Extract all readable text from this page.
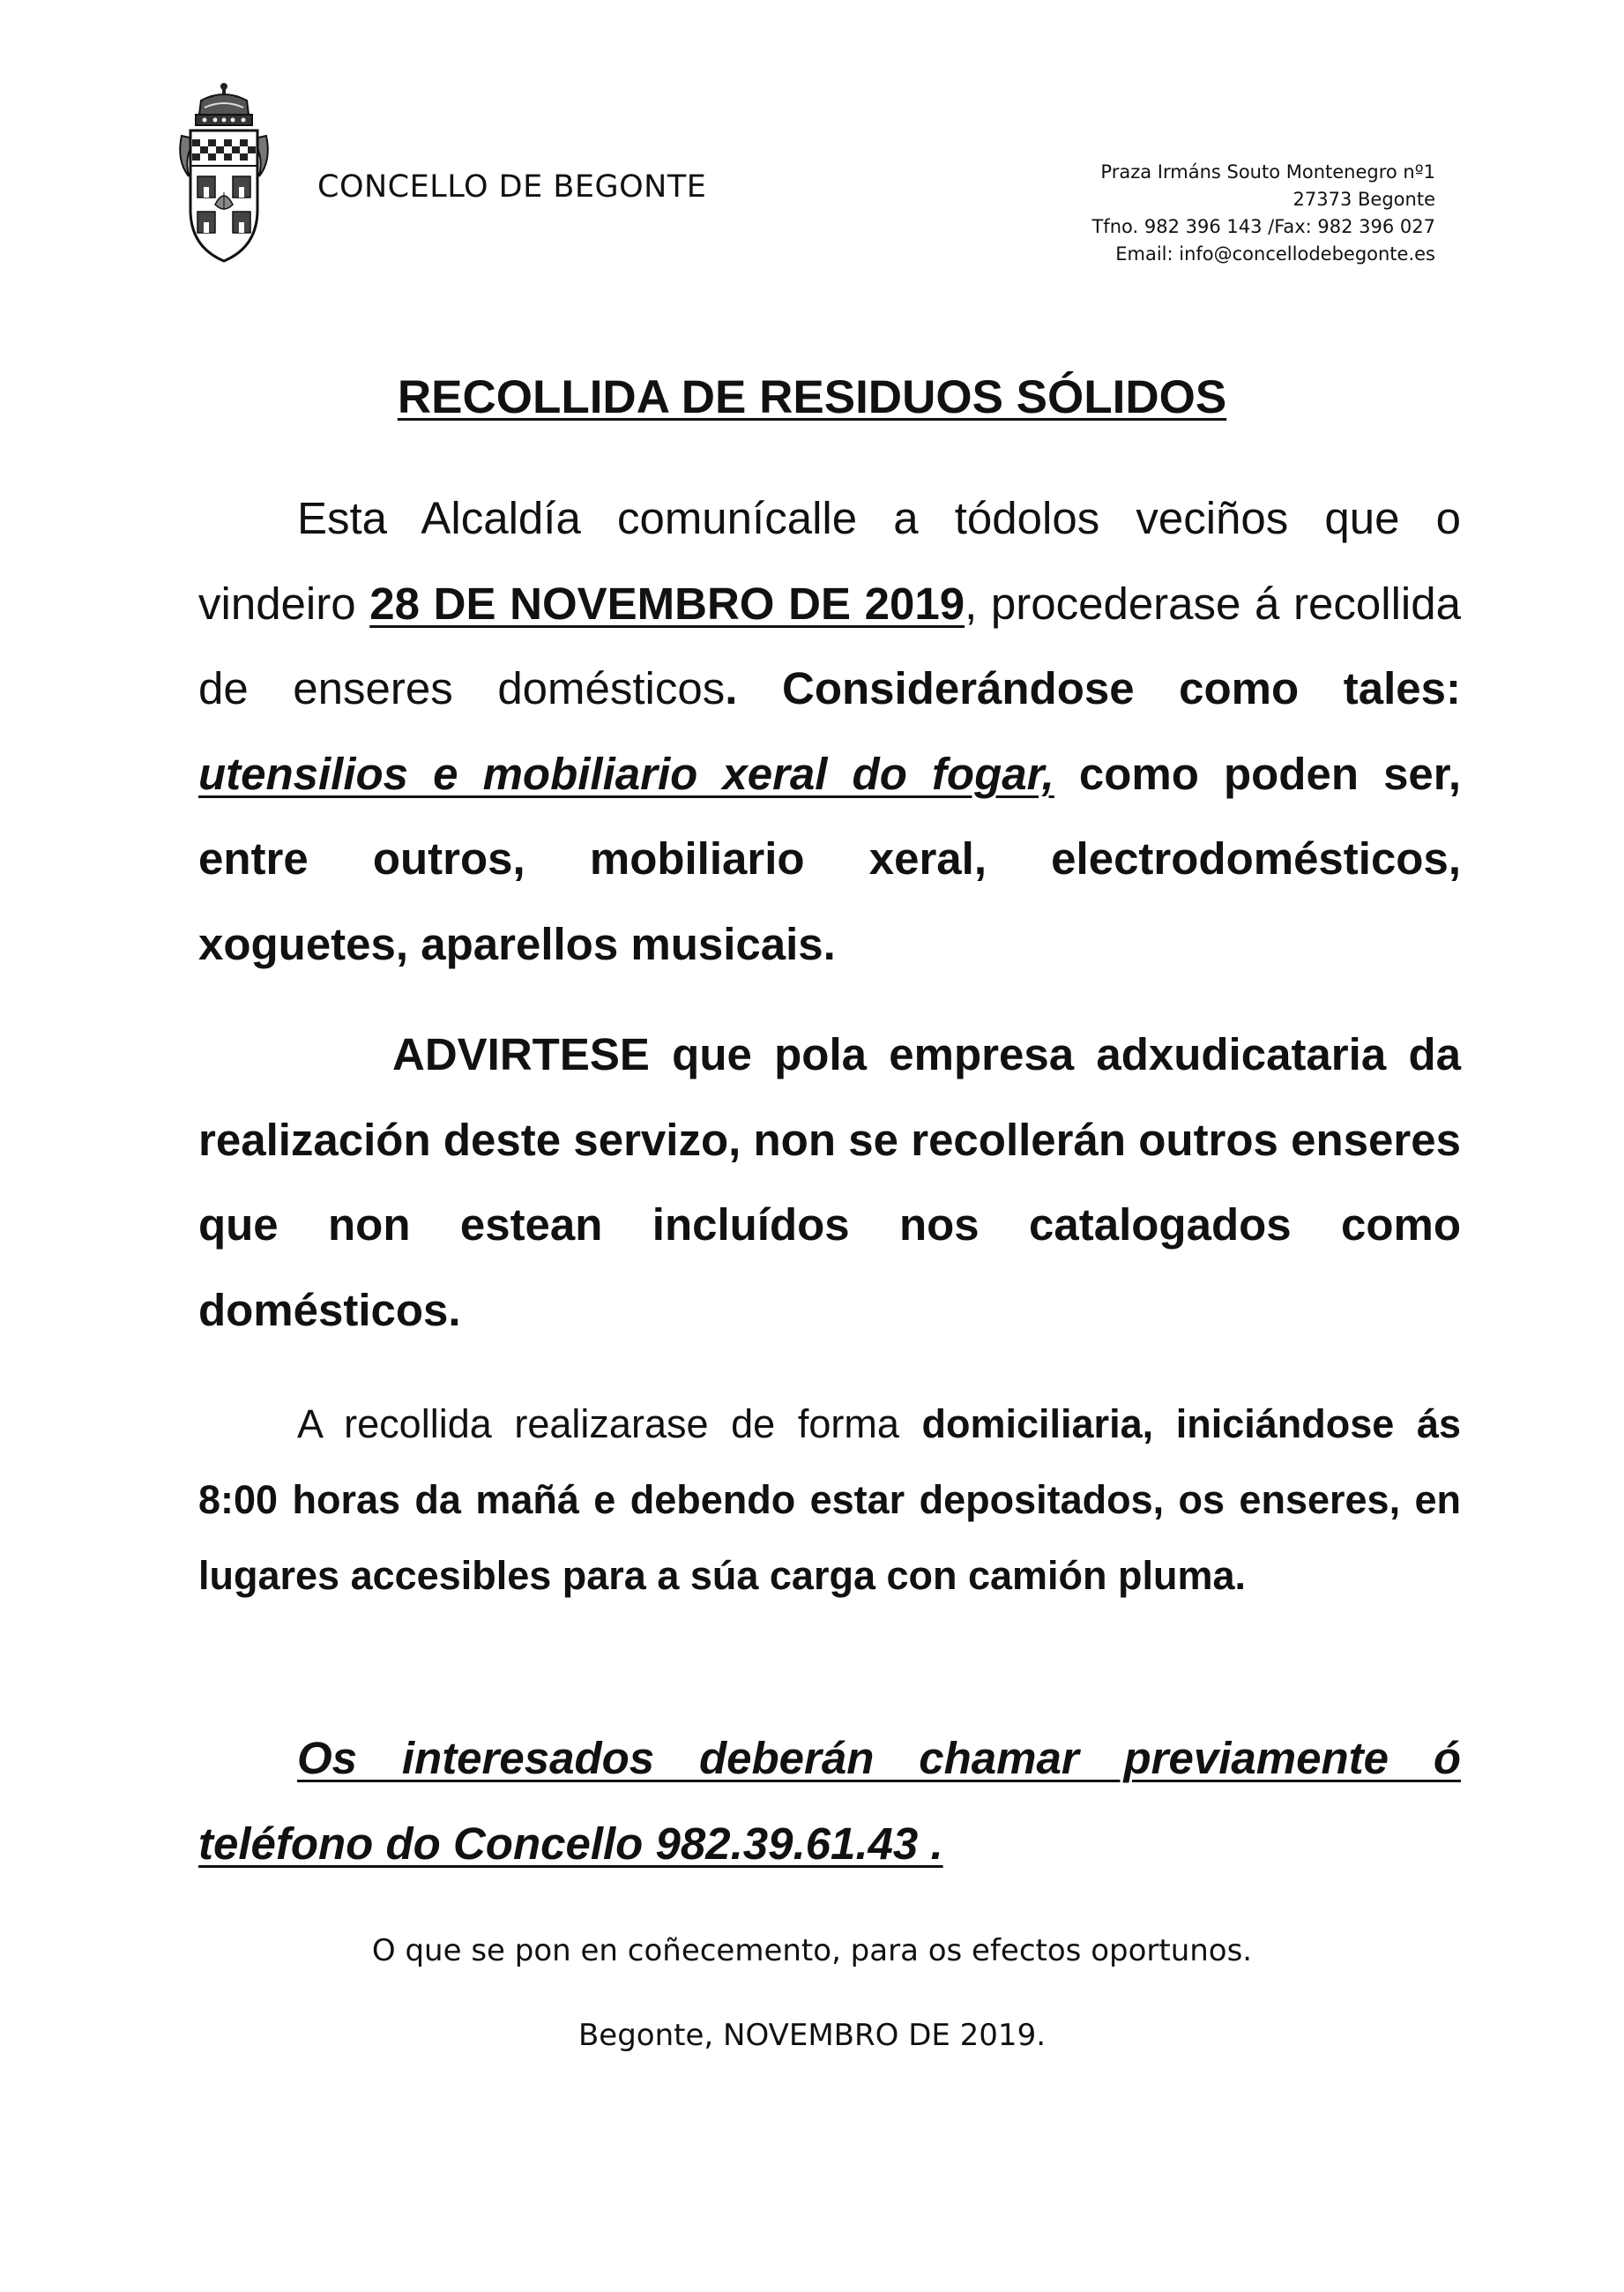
CONCELLO DE BEGONTE	Praza Irmáns Souto Montenegro nº1
27373 Begonte
Tfno. 982 396 143 /Fax: 982 396 027
Email: info@concellodebegonte.es
RECOLLIDA DE RESIDUOS SÓLIDOS

Esta Alcaldía comunícalle a tódolos veciños que o vindeiro 28 DE NOVEMBRO DE 2019, procederase á recollida de enseres domésticos. Considerándose como tales: utensilios e mobiliario xeral do fogar, como poden ser, entre outros, mobiliario xeral, electrodomésticos, xoguetes, aparellos musicais.

ADVIRTESE que pola empresa adxudicataria da realización deste servizo, non se recollerán outros enseres que non estean incluídos nos catalogados como domésticos.

A recollida realizarase de forma domiciliaria, iniciándose ás 8:00 horas da mañá e debendo estar depositados, os enseres, en lugares accesibles para a súa carga con camión pluma.

Os interesados deberán chamar previamente ó teléfono do Concello 982.39.61.43 .

O que se pon en coñecemento, para os efectos oportunos.
Begonte, NOVEMBRO DE 2019.
